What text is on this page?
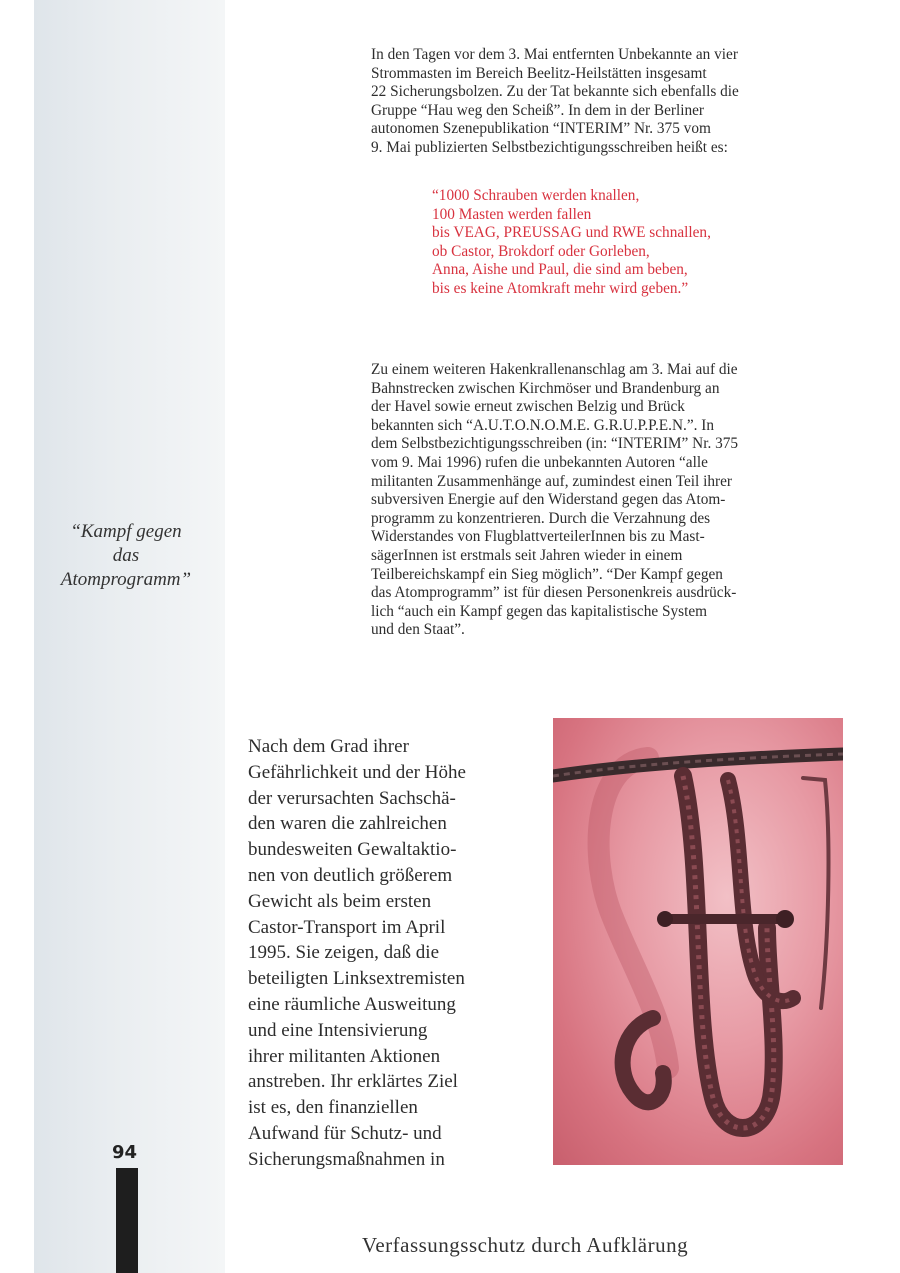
“Kampf gegen
das
Atomprogramm”
94
In den Tagen vor dem 3. Mai entfernten Unbekannte an vier
Strommasten im Bereich Beelitz-Heilstätten insgesamt
22 Sicherungsbolzen. Zu der Tat bekannte sich ebenfalls die
Gruppe “Hau weg den Scheiß”. In dem in der Berliner
autonomen Szenepublikation “INTERIM” Nr. 375 vom
9. Mai publizierten Selbstbezichtigungsschreiben heißt es:
“1000 Schrauben werden knallen,
100 Masten werden fallen
bis VEAG, PREUSSAG und RWE schnallen,
ob Castor, Brokdorf oder Gorleben,
Anna, Aishe und Paul, die sind am beben,
bis es keine Atomkraft mehr wird geben.”
Zu einem weiteren Hakenkrallenanschlag am 3. Mai auf die
Bahnstrecken zwischen Kirchmöser und Brandenburg an
der Havel sowie erneut zwischen Belzig und Brück
bekannten sich “A.U.T.O.N.O.M.E. G.R.U.P.P.E.N.”. In
dem Selbstbezichtigungsschreiben (in: “INTERIM” Nr. 375
vom 9. Mai 1996) rufen die unbekannten Autoren “alle
militanten Zusammenhänge auf, zumindest einen Teil ihrer
subversiven Energie auf den Widerstand gegen das Atom-
programm zu konzentrieren. Durch die Verzahnung des
Widerstandes von FlugblattverteilerInnen bis zu Mast-
sägerInnen ist erstmals seit Jahren wieder in einem
Teilbereichskampf ein Sieg möglich”. “Der Kampf gegen
das Atomprogramm” ist für diesen Personenkreis ausdrück-
lich “auch ein Kampf gegen das kapitalistische System
und den Staat”.
Nach dem Grad ihrer
Gefährlichkeit und der Höhe
der verursachten Sachschä-
den waren die zahlreichen
bundesweiten Gewaltaktio-
nen von deutlich größerem
Gewicht als beim ersten
Castor-Transport im April
1995. Sie zeigen, daß die
beteiligten Linksextremisten
eine räumliche Ausweitung
und eine Intensivierung
ihrer militanten Aktionen
anstreben. Ihr erklärtes Ziel
ist es, den finanziellen
Aufwand für Schutz- und
Sicherungsmaßnahmen in
Verfassungsschutz durch Aufklärung
